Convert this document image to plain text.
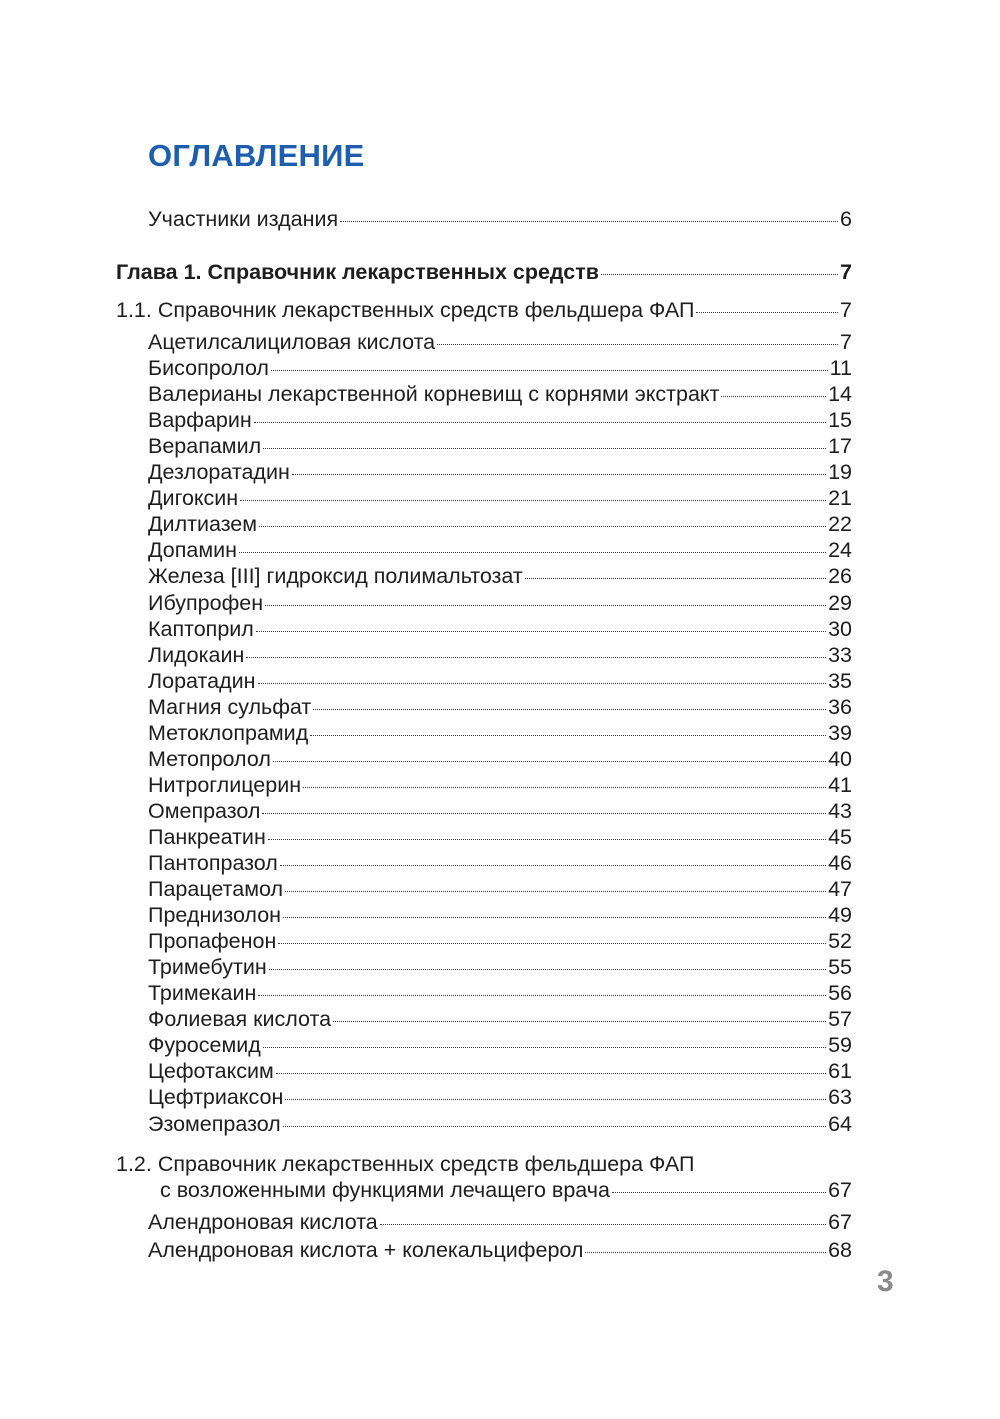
ОГЛАВЛЕНИЕ
Участники издания	6
Глава 1. Справочник лекарственных средств	7
1.1. Справочник лекарственных средств фельдшера ФАП	7
Ацетилсалициловая кислота	7
Бисопролол	11
Валерианы лекарственной корневищ с корнями экстракт	14
Варфарин	15
Верапамил	17
Дезлоратадин	19
Дигоксин	21
Дилтиазем	22
Допамин	24
Железа [III] гидроксид полимальтозат	26
Ибупрофен	29
Каптоприл	30
Лидокаин	33
Лоратадин	35
Магния сульфат	36
Метоклопрамид	39
Метопролол	40
Нитроглицерин	41
Омепразол	43
Панкреатин	45
Пантопразол	46
Парацетамол	47
Преднизолон	49
Пропафенон	52
Тримебутин	55
Тримекаин	56
Фолиевая кислота	57
Фуросемид	59
Цефотаксим	61
Цефтриаксон	63
Эзомепразол	64
1.2. Справочник лекарственных средств фельдшера ФАП
с возложенными функциями лечащего врача	67
Алендроновая кислота	67
Алендроновая кислота + колекальциферол	68
3
